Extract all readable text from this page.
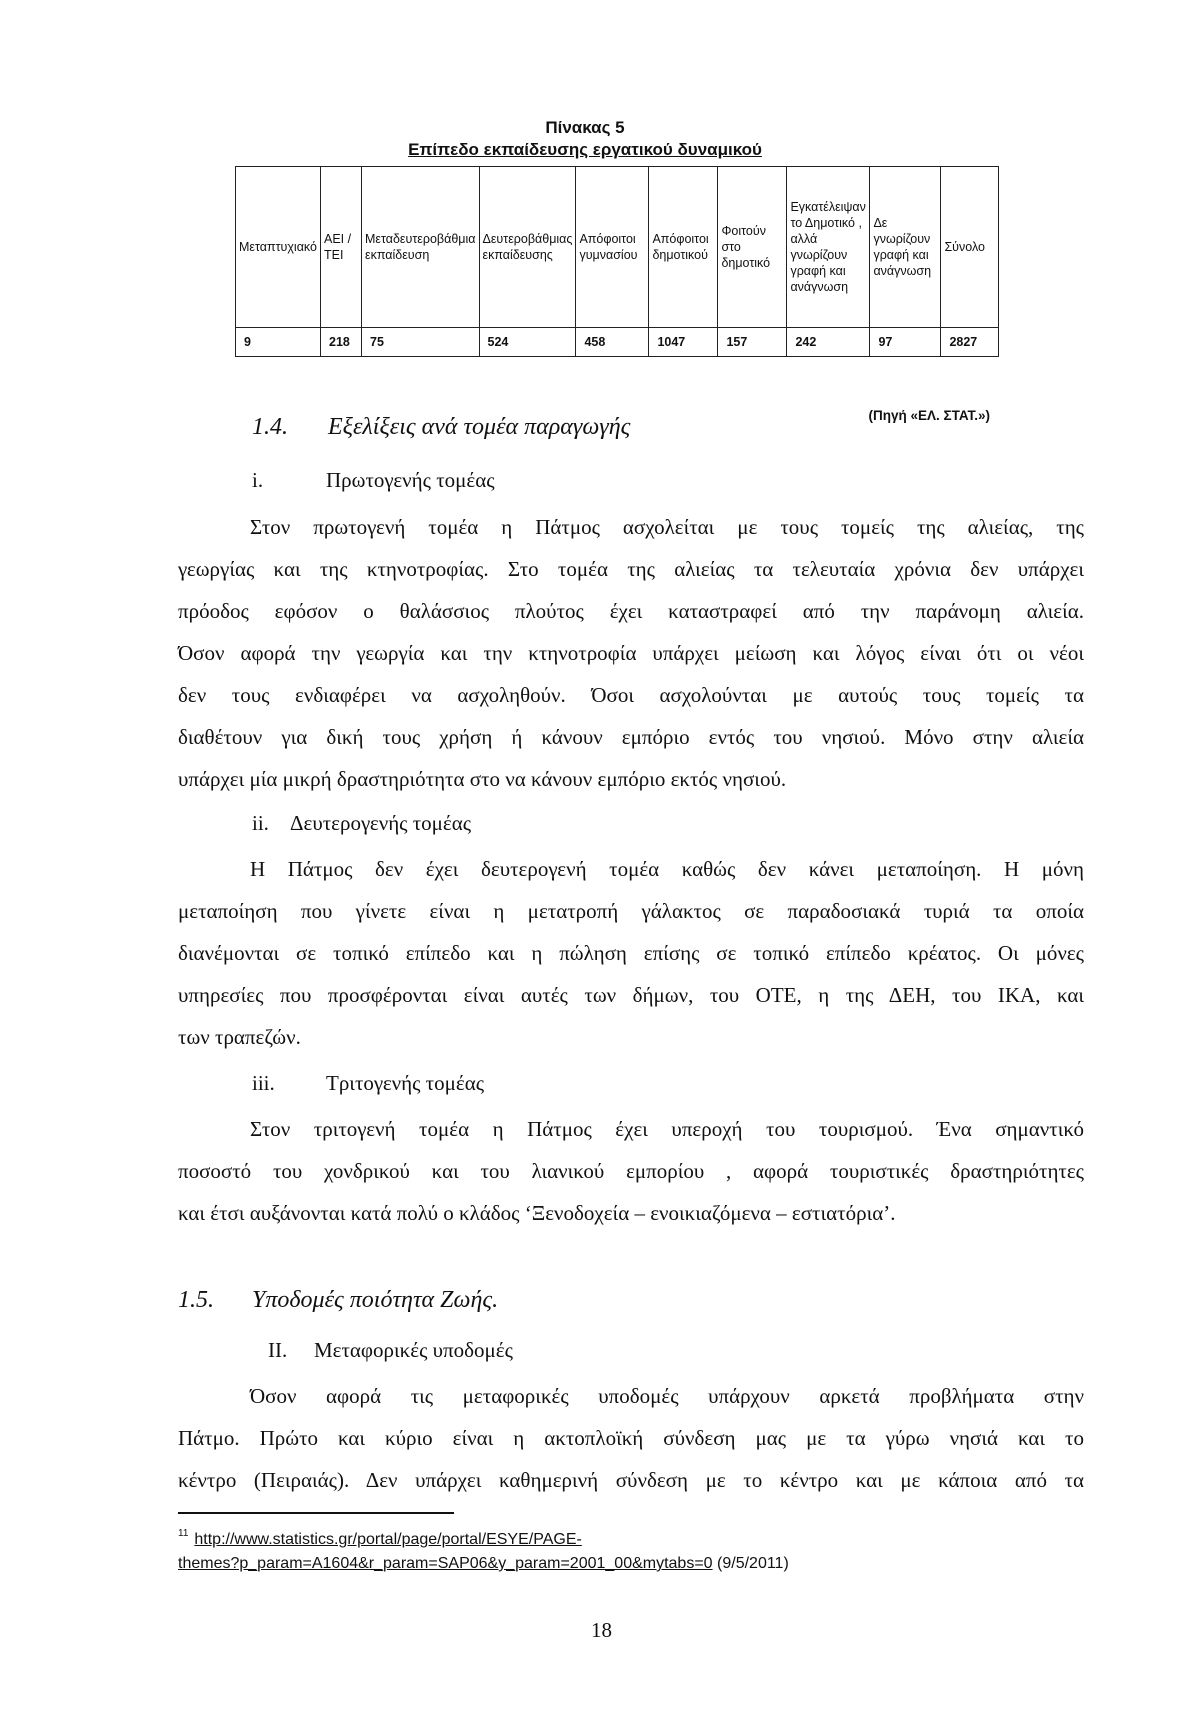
Πίνακας 5
Επίπεδο εκπαίδευσης εργατικού δυναμικού
Μεταπτυχιακό	ΑΕΙ / ΤΕΙ	Μεταδευτεροβάθμια εκπαίδευση	Δευτεροβάθμιας εκπαίδευσης	Απόφοιτοι γυμνασίου	Απόφοιτοι δημοτικού	Φοιτούν στο δημοτικό	Εγκατέλειψαν το Δημοτικό , αλλά γνωρίζουν γραφή και ανάγνωση	Δε γνωρίζουν γραφή και ανάγνωση	Σύνολο
9	218	75	524	458	1047	157	242	97	2827
(Πηγή «ΕΛ. ΣΤΑΤ.»)
1.4. Εξελίξεις ανά τομέα παραγωγής
i.	Πρωτογενής τομέας
Στον πρωτογενή τομέα η Πάτμος ασχολείται με τους τομείς της αλιείας, της
γεωργίας και της κτηνοτροφίας. Στο τομέα της αλιείας τα τελευταία χρόνια δεν υπάρχει
πρόοδος εφόσον ο θαλάσσιος πλούτος έχει καταστραφεί από την παράνομη αλιεία.
Όσον αφορά την γεωργία και την κτηνοτροφία υπάρχει μείωση και λόγος είναι ότι οι νέοι
δεν τους ενδιαφέρει να ασχοληθούν. Όσοι ασχολούνται με αυτούς τους τομείς τα
διαθέτουν για δική τους χρήση ή κάνουν εμπόριο εντός του νησιού. Μόνο στην αλιεία
υπάρχει μία μικρή δραστηριότητα στο να κάνουν εμπόριο εκτός νησιού.
ii. Δευτερογενής τομέας
Η Πάτμος δεν έχει δευτερογενή τομέα καθώς δεν κάνει μεταποίηση. Η μόνη
μεταποίηση που γίνετε είναι η μετατροπή γάλακτος σε παραδοσιακά τυριά τα οποία
διανέμονται σε τοπικό επίπεδο και η πώληση επίσης σε τοπικό επίπεδο κρέατος. Οι μόνες
υπηρεσίες που προσφέρονται είναι αυτές των δήμων, του ΟΤΕ, η της ΔΕΗ, του ΙΚΑ, και
των τραπεζών.
iii. Τριτογενής τομέας
Στον τριτογενή τομέα η Πάτμος έχει υπεροχή του τουρισμού. Ένα σημαντικό
ποσοστό του χονδρικού και του λιανικού εμπορίου , αφορά τουριστικές δραστηριότητες
και έτσι αυξάνονται κατά πολύ ο κλάδος ‘Ξενοδοχεία – ενοικιαζόμενα – εστιατόρια’.
1.5. Υποδομές ποιότητα Ζωής.
II. Μεταφορικές υποδομές
Όσον αφορά τις μεταφορικές υποδομές υπάρχουν αρκετά προβλήματα στην
Πάτμο. Πρώτο και κύριο είναι η ακτοπλοϊκή σύνδεση μας με τα γύρω νησιά και το
κέντρο (Πειραιάς). Δεν υπάρχει καθημερινή σύνδεση με το κέντρο και με κάποια από τα
$^{11}$ http://www.statistics.gr/portal/page/portal/ESYE/PAGE-
themes?p_param=A1604&r_param=SAP06&y_param=2001_00&mytabs=0 (9/5/2011)
18
